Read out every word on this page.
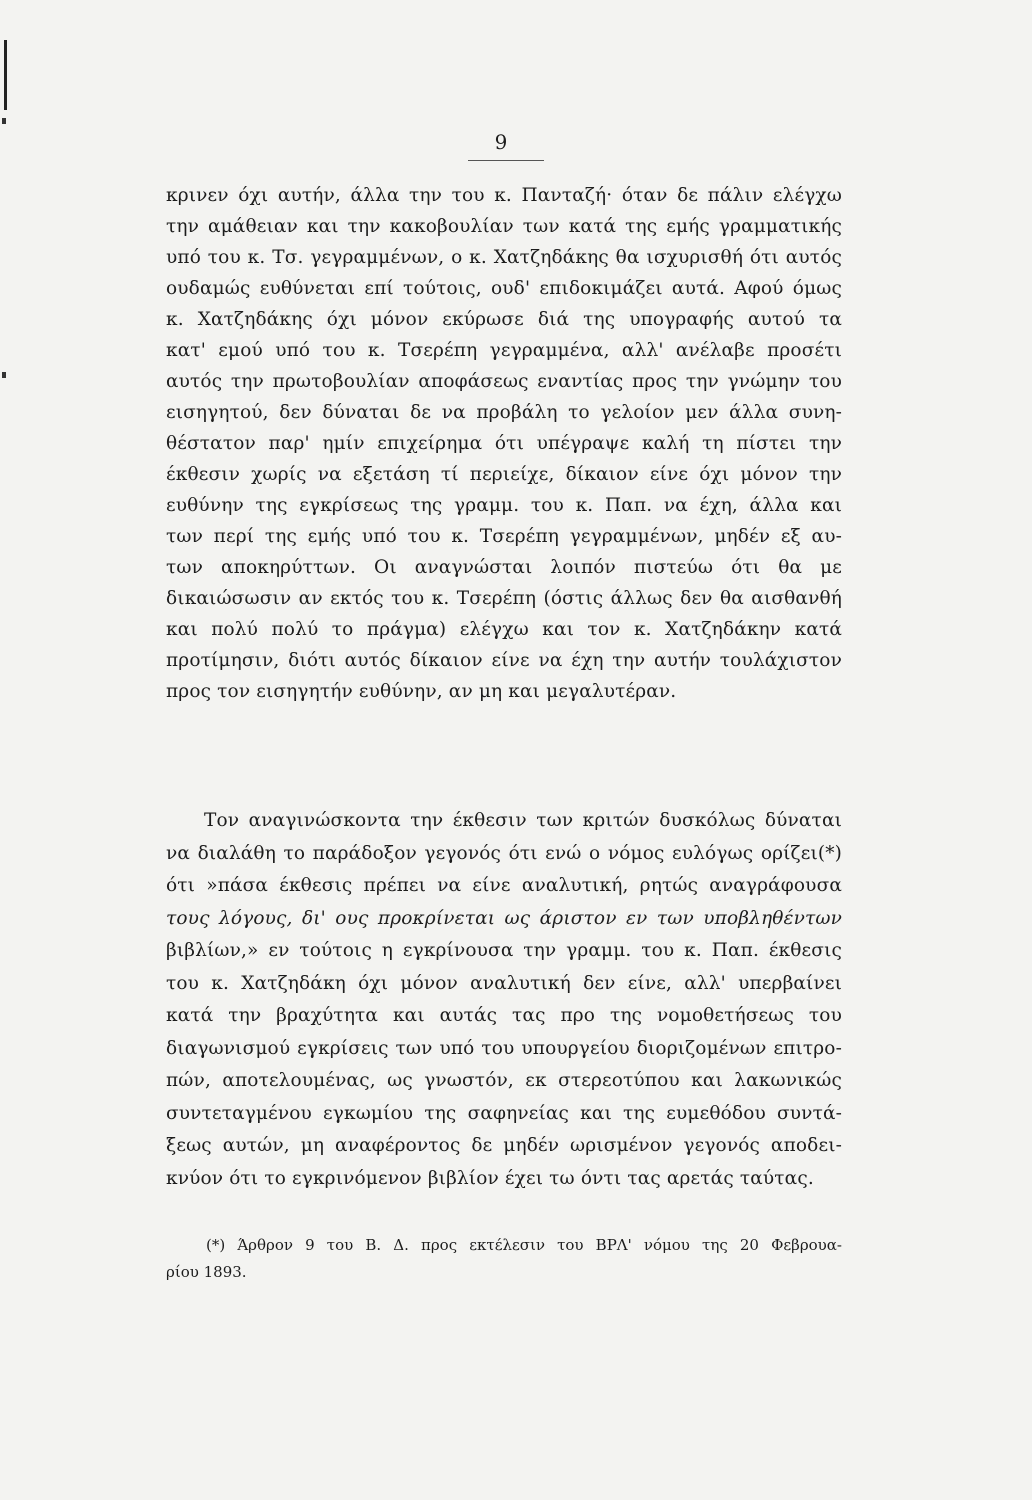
9
κρινεν όχι αυτήν, άλλα την του κ. Πανταζή· όταν δε πάλιν ελέγχω
την αμάθειαν και την κακοβουλίαν των κατά της εμής γραμματικής
υπό του κ. Τσ. γεγραμμένων, ο κ. Χατζηδάκης θα ισχυρισθή ότι αυτός
ουδαμώς ευθύνεται επί τούτοις, ουδ' επιδοκιμάζει αυτά. Αφού όμως
κ. Χατζηδάκης όχι μόνον εκύρωσε διά της υπογραφής αυτού τα
κατ' εμού υπό του κ. Τσερέπη γεγραμμένα, αλλ' ανέλαβε προσέτι
αυτός την πρωτοβουλίαν αποφάσεως εναντίας προς την γνώμην του
εισηγητού, δεν δύναται δε να προβάλη το γελοίον μεν άλλα συνη-
θέστατον παρ' ημίν επιχείρημα ότι υπέγραψε καλή τη πίστει την
έκθεσιν χωρίς να εξετάση τί περιείχε, δίκαιον είνε όχι μόνον την
ευθύνην της εγκρίσεως της γραμμ. του κ. Παπ. να έχη, άλλα και
των περί της εμής υπό του κ. Τσερέπη γεγραμμένων, μηδέν εξ αυ-
των αποκηρύττων. Οι αναγνώσται λοιπόν πιστεύω ότι θα με
δικαιώσωσιν αν εκτός του κ. Τσερέπη (όστις άλλως δεν θα αισθανθή
και πολύ πολύ το πράγμα) ελέγχω και τον κ. Χατζηδάκην κατά
προτίμησιν, διότι αυτός δίκαιον είνε να έχη την αυτήν τουλάχιστον
προς τον εισηγητήν ευθύνην, αν μη και μεγαλυτέραν.
Τον αναγινώσκοντα την έκθεσιν των κριτών δυσκόλως δύναται
να διαλάθη το παράδοξον γεγονός ότι ενώ ο νόμος ευλόγως ορίζει(*)
ότι »πάσα έκθεσις πρέπει να είνε αναλυτική, ρητώς αναγράφουσα
τους λόγους, δι' ους προκρίνεται ως άριστον εν των υποβληθέντων
βιβλίων,» εν τούτοις η εγκρίνουσα την γραμμ. του κ. Παπ. έκθεσις
του κ. Χατζηδάκη όχι μόνον αναλυτική δεν είνε, αλλ' υπερβαίνει
κατά την βραχύτητα και αυτάς τας προ της νομοθετήσεως του
διαγωνισμού εγκρίσεις των υπό του υπουργείου διοριζομένων επιτρο-
πών, αποτελουμένας, ως γνωστόν, εκ στερεοτύπου και λακωνικώς
συντεταγμένου εγκωμίου της σαφηνείας και της ευμεθόδου συντά-
ξεως αυτών, μη αναφέροντος δε μηδέν ωρισμένον γεγονός αποδει-
κνύον ότι το εγκρινόμενον βιβλίον έχει τω όντι τας αρετάς ταύτας.
(*) Άρθρον 9 του Β. Δ. προς εκτέλεσιν του ΒΡΛ' νόμου της 20 Φεβρουα-
ρίου 1893.
